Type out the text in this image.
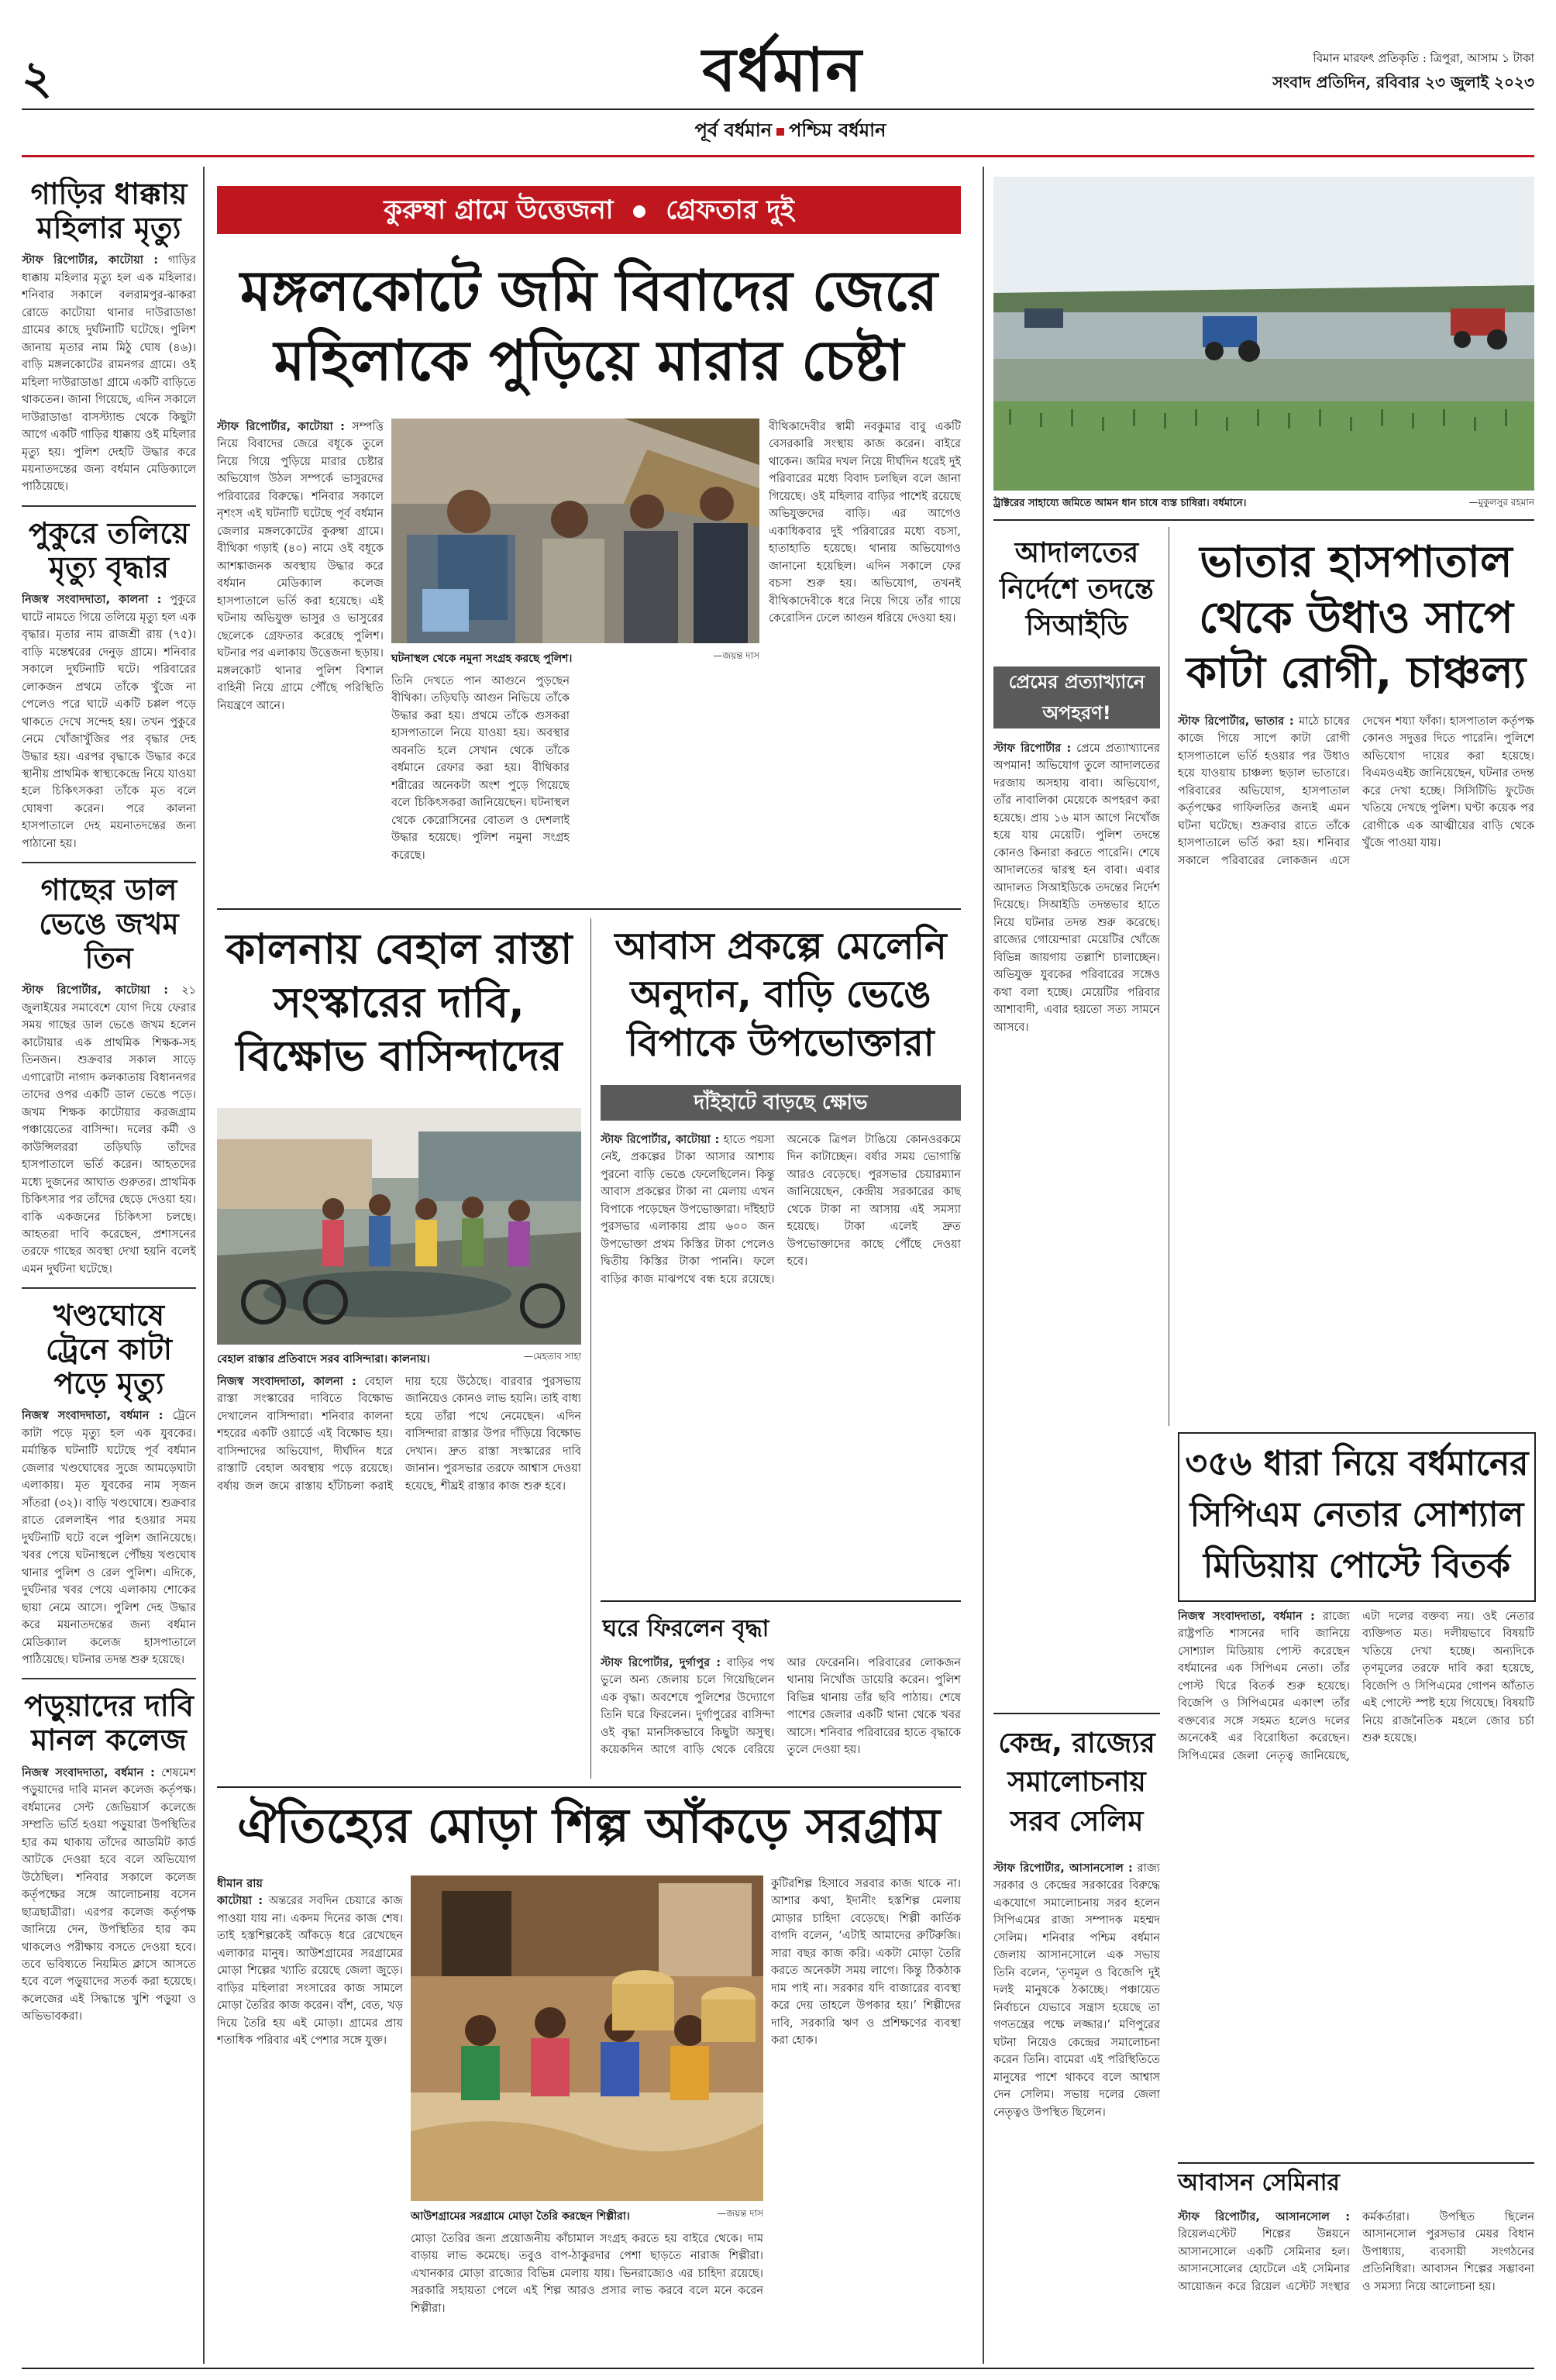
২	বর্ধমান	বিমান মারফৎ প্রতিকৃতি : ত্রিপুরা, আসাম ১ টাকা
সংবাদ প্রতিদিন, রবিবার ২৩ জুলাই ২০২৩
পূর্ব বর্ধমান পশ্চিম বর্ধমান
গাড়ির ধাক্কায় মহিলার মৃত্যু
স্টাফ রিপোর্টার, কাটোয়া : গাড়ির ধাক্কায় মহিলার মৃত্যু হল এক মহিলার। শনিবার সকালে বলরামপুর-ঝাকরা রোডে কাটোয়া থানার দাউরাডাঙা গ্রামের কাছে দুর্ঘটনাটি ঘটেছে। পুলিশ জানায় মৃতার নাম মিঠু ঘোষ (৪৬)। বাড়ি মঙ্গলকোটের রামনগর গ্রামে। ওই মহিলা দাউরাডাঙা গ্রামে একটি বাড়িতে থাকতেন। জানা গিয়েছে, এদিন সকালে দাউরাডাঙা বাসস্ট্যান্ড থেকে কিছুটা আগে একটি গাড়ির ধাক্কায় ওই মহিলার মৃত্যু হয়। পুলিশ দেহটি উদ্ধার করে ময়নাতদন্তের জন্য বর্ধমান মেডিক্যালে পাঠিয়েছে।
পুকুরে তলিয়ে মৃত্যু বৃদ্ধার
নিজস্ব সংবাদদাতা, কালনা : পুকুরে ঘাটে নামতে গিয়ে তলিয়ে মৃত্যু হল এক বৃদ্ধার। মৃতার নাম রাজশ্রী রায় (৭৫)। বাড়ি মন্তেশ্বরের দেনুড় গ্রামে। শনিবার সকালে দুর্ঘটনাটি ঘটে। পরিবারের লোকজন প্রথমে তাঁকে খুঁজে না পেলেও পরে ঘাটে একটি চপ্পল পড়ে থাকতে দেখে সন্দেহ হয়। তখন পুকুরে নেমে খোঁজাখুঁজির পর বৃদ্ধার দেহ উদ্ধার হয়। এরপর বৃদ্ধাকে উদ্ধার করে স্থানীয় প্রাথমিক স্বাস্থ্যকেন্দ্রে নিয়ে যাওয়া হলে চিকিৎসকরা তাঁকে মৃত বলে ঘোষণা করেন। পরে কালনা হাসপাতালে দেহ ময়নাতদন্তের জন্য পাঠানো হয়।
গাছের ডাল ভেঙে জখম তিন
স্টাফ রিপোর্টার, কাটোয়া : ২১ জুলাইয়ের সমাবেশে যোগ দিয়ে ফেরার সময় গাছের ডাল ভেঙে জখম হলেন কাটোয়ার এক প্রাথমিক শিক্ষক-সহ তিনজন। শুক্রবার সকাল সাড়ে এগারোটা নাগাদ কলকাতায় বিধাননগর তাদের ওপর একটি ডাল ভেঙে পড়ে। জখম শিক্ষক কাটোয়ার করজগ্রাম পঞ্চায়েতের বাসিন্দা। দলের কর্মী ও কাউন্সিলররা তড়িঘড়ি তাঁদের হাসপাতালে ভর্তি করেন। আহতদের মধ্যে দুজনের আঘাত গুরুতর। প্রাথমিক চিকিৎসার পর তাঁদের ছেড়ে দেওয়া হয়। বাকি একজনের চিকিৎসা চলছে। আহতরা দাবি করেছেন, প্রশাসনের তরফে গাছের অবস্থা দেখা হয়নি বলেই এমন দুর্ঘটনা ঘটেছে।
খণ্ডঘোষে ট্রেনে কাটা পড়ে মৃত্যু
নিজস্ব সংবাদদাতা, বর্ধমান : ট্রেনে কাটা পড়ে মৃত্যু হল এক যুবকের। মর্মান্তিক ঘটনাটি ঘটেছে পূর্ব বর্ধমান জেলার খণ্ডঘোষের সুজে আমড়েঘাটা এলাকায়। মৃত যুবকের নাম সৃজন সাঁতরা (৩২)। বাড়ি খণ্ডঘোষে। শুক্রবার রাতে রেললাইন পার হওয়ার সময় দুর্ঘটনাটি ঘটে বলে পুলিশ জানিয়েছে। খবর পেয়ে ঘটনাস্থলে পৌঁছয় খণ্ডঘোষ থানার পুলিশ ও রেল পুলিশ। এদিকে, দুর্ঘটনার খবর পেয়ে এলাকায় শোকের ছায়া নেমে আসে। পুলিশ দেহ উদ্ধার করে ময়নাতদন্তের জন্য বর্ধমান মেডিক্যাল কলেজ হাসপাতালে পাঠিয়েছে। ঘটনার তদন্ত শুরু হয়েছে।
পড়ুয়াদের দাবি মানল কলেজ
নিজস্ব সংবাদদাতা, বর্ধমান : শেষমেশ পড়ুয়াদের দাবি মানল কলেজ কর্তৃপক্ষ। বর্ধমানের সেন্ট জেভিয়ার্স কলেজে সম্প্রতি ভর্তি হওয়া পড়ুয়ারা উপস্থিতির হার কম থাকায় তাঁদের আডমিট কার্ড আটকে দেওয়া হবে বলে অভিযোগ উঠেছিল। শনিবার সকালে কলেজ কর্তৃপক্ষের সঙ্গে আলোচনায় বসেন ছাত্রছাত্রীরা। এরপর কলেজ কর্তৃপক্ষ জানিয়ে দেন, উপস্থিতির হার কম থাকলেও পরীক্ষায় বসতে দেওয়া হবে। তবে ভবিষ্যতে নিয়মিত ক্লাসে আসতে হবে বলে পড়ুয়াদের সতর্ক করা হয়েছে। কলেজের এই সিদ্ধান্তে খুশি পড়ুয়া ও অভিভাবকরা।
কুরুম্বা গ্রামে উত্তেজনা গ্রেফতার দুই
মঙ্গলকোটে জমি বিবাদের জেরে
মহিলাকে পুড়িয়ে মারার চেষ্টা
স্টাফ রিপোর্টার, কাটোয়া : সম্পত্তি নিয়ে বিবাদের জেরে বধূকে তুলে নিয়ে গিয়ে পুড়িয়ে মারার চেষ্টার অভিযোগ উঠল সম্পর্কে ভাসুরদের পরিবারের বিরুদ্ধে। শনিবার সকালে নৃশংস এই ঘটনাটি ঘটেছে পূর্ব বর্ধমান জেলার মঙ্গলকোটের কুরুম্বা গ্রামে। বীথিকা গড়াই (৪০) নামে ওই বধূকে আশঙ্কাজনক অবস্থায় উদ্ধার করে বর্ধমান মেডিক্যাল কলেজ হাসপাতালে ভর্তি করা হয়েছে। এই ঘটনায় অভিযুক্ত ভাসুর ও ভাসুরের ছেলেকে গ্রেফতার করেছে পুলিশ। ঘটনার পর এলাকায় উত্তেজনা ছড়ায়। মঙ্গলকোট থানার পুলিশ বিশাল বাহিনী নিয়ে গ্রামে পৌঁছে পরিস্থিতি নিয়ন্ত্রণে আনে।
ঘটনাস্থল থেকে নমুনা সংগ্রহ করছে পুলিশ।	—জয়ন্ত দাস
তিনি দেখতে পান আগুনে পুড়ছেন বীথিকা। তড়িঘড়ি আগুন নিভিয়ে তাঁকে উদ্ধার করা হয়। প্রথমে তাঁকে গুসকরা হাসপাতালে নিয়ে যাওয়া হয়। অবস্থার অবনতি হলে সেখান থেকে তাঁকে বর্ধমানে রেফার করা হয়। বীথিকার শরীরের অনেকটা অংশ পুড়ে গিয়েছে বলে চিকিৎসকরা জানিয়েছেন। ঘটনাস্থল থেকে কেরোসিনের বোতল ও দেশলাই উদ্ধার হয়েছে। পুলিশ নমুনা সংগ্রহ করেছে।
বীথিকাদেবীর স্বামী নবকুমার বাবু একটি বেসরকারি সংস্থায় কাজ করেন। বাইরে থাকেন। জমির দখল নিয়ে দীর্ঘদিন ধরেই দুই পরিবারের মধ্যে বিবাদ চলছিল বলে জানা গিয়েছে। ওই মহিলার বাড়ির পাশেই রয়েছে অভিযুক্তদের বাড়ি। এর আগেও একাধিকবার দুই পরিবারের মধ্যে বচসা, হাতাহাতি হয়েছে। থানায় অভিযোগও জানানো হয়েছিল। এদিন সকালে ফের বচসা শুরু হয়। অভিযোগ, তখনই বীথিকাদেবীকে ধরে নিয়ে গিয়ে তাঁর গায়ে কেরোসিন ঢেলে আগুন ধরিয়ে দেওয়া হয়।
কালনায় বেহাল রাস্তা সংস্কারের দাবি, বিক্ষোভ বাসিন্দাদের
বেহাল রাস্তার প্রতিবাদে সরব বাসিন্দারা। কালনায়।	—মেহতাব সাহা
নিজস্ব সংবাদদাতা, কালনা : বেহাল রাস্তা সংস্কারের দাবিতে বিক্ষোভ দেখালেন বাসিন্দারা। শনিবার কালনা শহরের একটি ওয়ার্ডে এই বিক্ষোভ হয়। বাসিন্দাদের অভিযোগ, দীর্ঘদিন ধরে রাস্তাটি বেহাল অবস্থায় পড়ে রয়েছে। বর্ষায় জল জমে রাস্তায় হাঁটাচলা করাই দায় হয়ে উঠেছে। বারবার পুরসভায় জানিয়েও কোনও লাভ হয়নি। তাই বাধ্য হয়ে তাঁরা পথে নেমেছেন। এদিন বাসিন্দারা রাস্তার উপর দাঁড়িয়ে বিক্ষোভ দেখান। দ্রুত রাস্তা সংস্কারের দাবি জানান। পুরসভার তরফে আশ্বাস দেওয়া হয়েছে, শীঘ্রই রাস্তার কাজ শুরু হবে।
আবাস প্রকল্পে মেলেনি অনুদান, বাড়ি ভেঙে বিপাকে উপভোক্তারা
দাঁইহাটে বাড়ছে ক্ষোভ
স্টাফ রিপোর্টার, কাটোয়া : হাতে পয়সা নেই, প্রকল্পের টাকা আসার আশায় পুরনো বাড়ি ভেঙে ফেলেছিলেন। কিন্তু আবাস প্রকল্পের টাকা না মেলায় এখন বিপাকে পড়েছেন উপভোক্তারা। দাঁইহাট পুরসভার এলাকায় প্রায় ৬০০ জন উপভোক্তা প্রথম কিস্তির টাকা পেলেও দ্বিতীয় কিস্তির টাকা পাননি। ফলে বাড়ির কাজ মাঝপথে বন্ধ হয়ে রয়েছে। অনেকে ত্রিপল টাঙিয়ে কোনওরকমে দিন কাটাচ্ছেন। বর্ষার সময় ভোগান্তি আরও বেড়েছে। পুরসভার চেয়ারম্যান জানিয়েছেন, কেন্দ্রীয় সরকারের কাছ থেকে টাকা না আসায় এই সমস্যা হয়েছে। টাকা এলেই দ্রুত উপভোক্তাদের কাছে পৌঁছে দেওয়া হবে।
ঘরে ফিরলেন বৃদ্ধা
স্টাফ রিপোর্টার, দুর্গাপুর : বাড়ির পথ ভুলে অন্য জেলায় চলে গিয়েছিলেন এক বৃদ্ধা। অবশেষে পুলিশের উদ্যোগে তিনি ঘরে ফিরলেন। দুর্গাপুরের বাসিন্দা ওই বৃদ্ধা মানসিকভাবে কিছুটা অসুস্থ। কয়েকদিন আগে বাড়ি থেকে বেরিয়ে আর ফেরেননি। পরিবারের লোকজন থানায় নিখোঁজ ডায়েরি করেন। পুলিশ বিভিন্ন থানায় তাঁর ছবি পাঠায়। শেষে পাশের জেলার একটি থানা থেকে খবর আসে। শনিবার পরিবারের হাতে বৃদ্ধাকে তুলে দেওয়া হয়।
ঐতিহ্যের মোড়া শিল্প আঁকড়ে সরগ্রাম
ধীমান রায়
কাটোয়া : অন্তরের সবদিন চেয়ারে কাজ পাওয়া যায় না। একদম দিনের কাজ শেষ। তাই হস্তশিল্পকেই আঁকড়ে ধরে রেখেছেন এলাকার মানুষ। আউশগ্রামের সরগ্রামের মোড়া শিল্পের খ্যাতি রয়েছে জেলা জুড়ে। বাড়ির মহিলারা সংসারের কাজ সামলে মোড়া তৈরির কাজ করেন। বাঁশ, বেত, খড় দিয়ে তৈরি হয় এই মোড়া। গ্রামের প্রায় শতাধিক পরিবার এই পেশার সঙ্গে যুক্ত।
আউশগ্রামের সরগ্রামে মোড়া তৈরি করছেন শিল্পীরা।	—জয়ন্ত দাস
মোড়া তৈরির জন্য প্রয়োজনীয় কাঁচামাল সংগ্রহ করতে হয় বাইরে থেকে। দাম বাড়ায় লাভ কমেছে। তবুও বাপ-ঠাকুরদার পেশা ছাড়তে নারাজ শিল্পীরা। এখানকার মোড়া রাজ্যের বিভিন্ন মেলায় যায়। ভিনরাজ্যেও এর চাহিদা রয়েছে। সরকারি সহায়তা পেলে এই শিল্প আরও প্রসার লাভ করবে বলে মনে করেন শিল্পীরা।
কুটিরশিল্প হিসাবে সরবার কাজ থাকে না। আশার কথা, ইদানীং হস্তশিল্প মেলায় মোড়ার চাহিদা বেড়েছে। শিল্পী কার্তিক বাগদি বলেন, ‘এটাই আমাদের রুটিরুজি। সারা বছর কাজ করি। একটা মোড়া তৈরি করতে অনেকটা সময় লাগে। কিন্তু ঠিকঠাক দাম পাই না। সরকার যদি বাজারের ব্যবস্থা করে দেয় তাহলে উপকার হয়।’ শিল্পীদের দাবি, সরকারি ঋণ ও প্রশিক্ষণের ব্যবস্থা করা হোক।
ট্রাক্টরের সাহায্যে জমিতে আমন ধান চাষে ব্যস্ত চাষিরা। বর্ধমানে।	—মুকুলসুর রহমান
আদালতের নির্দেশে তদন্তে সিআইডি
প্রেমের প্রত্যাখ্যানে অপহরণ!
স্টাফ রিপোর্টার : প্রেমে প্রত্যাখ্যানের অপমান! অভিযোগ তুলে আদালতের দরজায় অসহায় বাবা। অভিযোগ, তাঁর নাবালিকা মেয়েকে অপহরণ করা হয়েছে। প্রায় ১৬ মাস আগে নিখোঁজ হয়ে যায় মেয়েটি। পুলিশ তদন্তে কোনও কিনারা করতে পারেনি। শেষে আদালতের দ্বারস্থ হন বাবা। এবার আদালত সিআইডিকে তদন্তের নির্দেশ দিয়েছে। সিআইডি তদন্তভার হাতে নিয়ে ঘটনার তদন্ত শুরু করেছে। রাজ্যের গোয়েন্দারা মেয়েটির খোঁজে বিভিন্ন জায়গায় তল্লাশি চালাচ্ছেন। অভিযুক্ত যুবকের পরিবারের সঙ্গেও কথা বলা হচ্ছে। মেয়েটির পরিবার আশাবাদী, এবার হয়তো সত্য সামনে আসবে।
ভাতার হাসপাতাল থেকে উধাও সাপে কাটা রোগী, চাঞ্চল্য
স্টাফ রিপোর্টার, ভাতার : মাঠে চাষের কাজে গিয়ে সাপে কাটা রোগী হাসপাতালে ভর্তি হওয়ার পর উধাও হয়ে যাওয়ায় চাঞ্চল্য ছড়াল ভাতারে। পরিবারের অভিযোগ, হাসপাতাল কর্তৃপক্ষের গাফিলতির জন্যই এমন ঘটনা ঘটেছে। শুক্রবার রাতে তাঁকে হাসপাতালে ভর্তি করা হয়। শনিবার সকালে পরিবারের লোকজন এসে দেখেন শয্যা ফাঁকা। হাসপাতাল কর্তৃপক্ষ কোনও সদুত্তর দিতে পারেনি। পুলিশে অভিযোগ দায়ের করা হয়েছে। বিএমওএইচ জানিয়েছেন, ঘটনার তদন্ত করে দেখা হচ্ছে। সিসিটিভি ফুটেজ খতিয়ে দেখছে পুলিশ। ঘণ্টা কয়েক পর রোগীকে এক আত্মীয়ের বাড়ি থেকে খুঁজে পাওয়া যায়।
৩৫৬ ধারা নিয়ে বর্ধমানের সিপিএম নেতার সোশ্যাল মিডিয়ায় পোস্টে বিতর্ক
নিজস্ব সংবাদদাতা, বর্ধমান : রাজ্যে রাষ্ট্রপতি শাসনের দাবি জানিয়ে সোশ্যাল মিডিয়ায় পোস্ট করেছেন বর্ধমানের এক সিপিএম নেতা। তাঁর পোস্ট ঘিরে বিতর্ক শুরু হয়েছে। বিজেপি ও সিপিএমের একাংশ তাঁর বক্তব্যের সঙ্গে সহমত হলেও দলের অনেকেই এর বিরোধিতা করেছেন। সিপিএমের জেলা নেতৃত্ব জানিয়েছে, এটা দলের বক্তব্য নয়। ওই নেতার ব্যক্তিগত মত। দলীয়ভাবে বিষয়টি খতিয়ে দেখা হচ্ছে। অন্যদিকে তৃণমূলের তরফে দাবি করা হয়েছে, বিজেপি ও সিপিএমের গোপন আঁতাত এই পোস্টে স্পষ্ট হয়ে গিয়েছে। বিষয়টি নিয়ে রাজনৈতিক মহলে জোর চর্চা শুরু হয়েছে।
কেন্দ্র, রাজ্যের সমালোচনায় সরব সেলিম
স্টাফ রিপোর্টার, আসানসোল : রাজ্য সরকার ও কেন্দ্রের সরকারের বিরুদ্ধে একযোগে সমালোচনায় সরব হলেন সিপিএমের রাজ্য সম্পাদক মহম্মদ সেলিম। শনিবার পশ্চিম বর্ধমান জেলায় আসানসোলে এক সভায় তিনি বলেন, ‘তৃণমূল ও বিজেপি দুই দলই মানুষকে ঠকাচ্ছে। পঞ্চায়েত নির্বাচনে যেভাবে সন্ত্রাস হয়েছে তা গণতন্ত্রের পক্ষে লজ্জার।’ মণিপুরের ঘটনা নিয়েও কেন্দ্রের সমালোচনা করেন তিনি। বামেরা এই পরিস্থিতিতে মানুষের পাশে থাকবে বলে আশ্বাস দেন সেলিম। সভায় দলের জেলা নেতৃত্বও উপস্থিত ছিলেন।
আবাসন সেমিনার
স্টাফ রিপোর্টার, আসানসোল : রিয়েলএস্টেট শিল্পের উন্নয়নে আসানসোলে একটি সেমিনার হল। আসানসোলের হোটেলে এই সেমিনার আয়োজন করে রিয়েল এস্টেট সংস্থার কর্মকর্তারা। উপস্থিত ছিলেন আসানসোল পুরসভার মেয়র বিধান উপাধ্যায়, ব্যবসায়ী সংগঠনের প্রতিনিধিরা। আবাসন শিল্পের সম্ভাবনা ও সমস্যা নিয়ে আলোচনা হয়।
